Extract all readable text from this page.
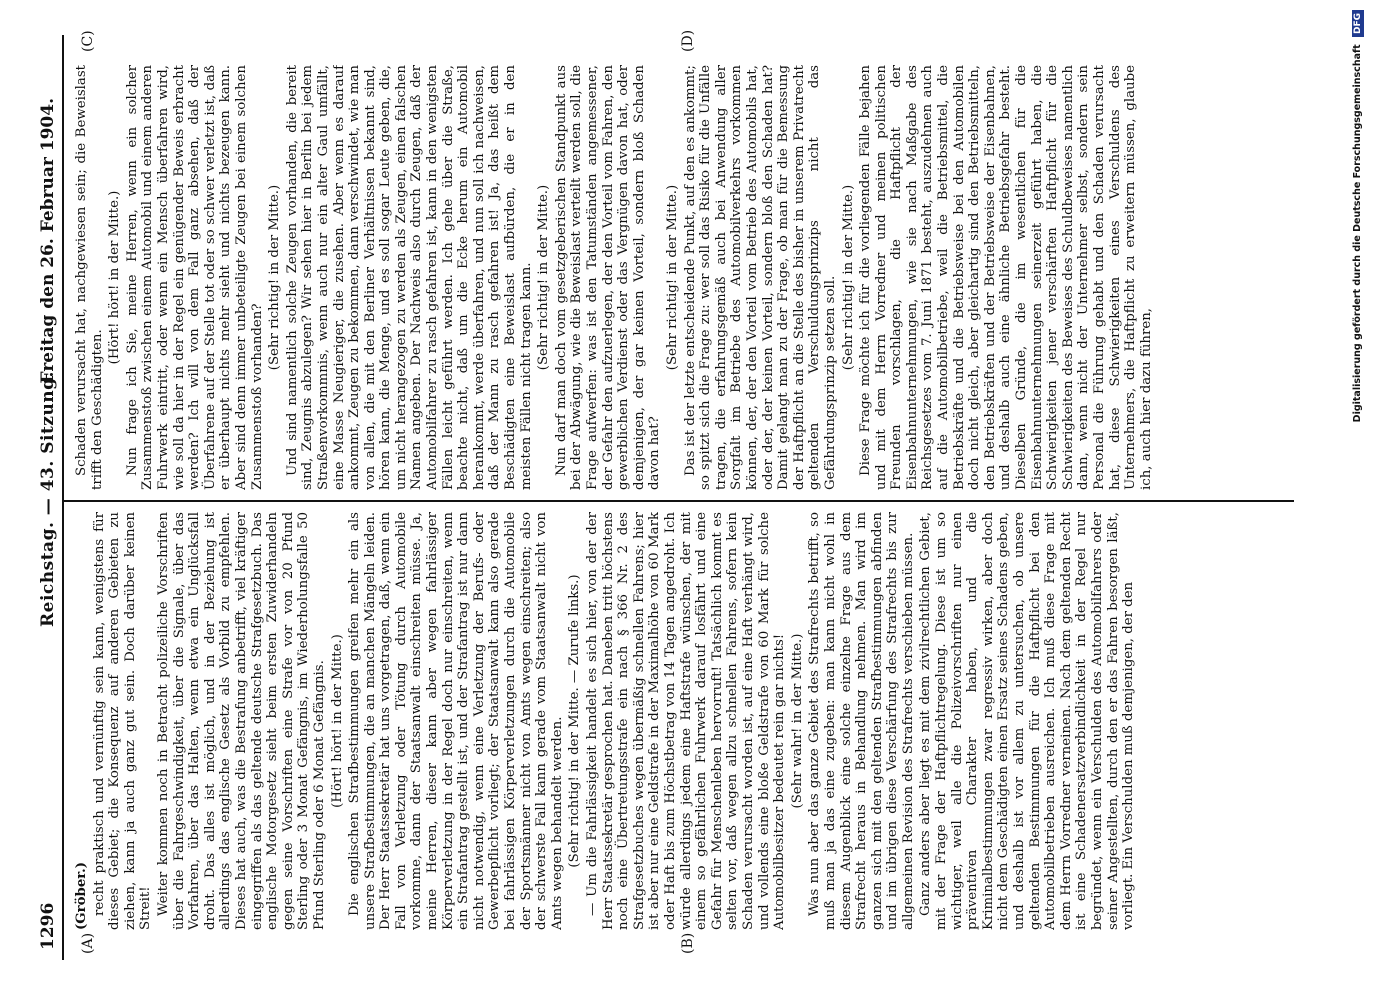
1296
Reichstag. — 43. Sitzung.
Freitag den 26. Februar 1904.
(A)	(B)
(C)	(D)

(Gröber.) recht praktisch und vernünftig sein kann, wenigstens für dieses Gebiet; die Konsequenz auf anderen Gebieten zu ziehen, kann ja auch ganz gut sein. Doch darüber keinen Streit! Weiter kommen noch in Betracht polizeiliche Vorschriften über die Fahrgeschwindigkeit, über die Signale, über das Vorfahren, über das Halten, wenn etwa ein Unglücksfall droht. Das alles ist möglich, und in der Beziehung ist allerdings das englische Gesetz als Vorbild zu empfehlen. Dieses hat auch, was die Bestrafung anbetrifft, viel kräftiger eingegriffen als das geltende deutsche Strafgesetzbuch. Das englische Motorgesetz sieht beim ersten Zuwiderhandeln gegen seine Vorschriften eine Strafe vor von 20 Pfund Sterling oder 3 Monat Gefängnis, im Wiederholungsfalle 50 Pfund Sterling oder 6 Monat Gefängnis. (Hört! hört! in der Mitte.) Die englischen Strafbestimmungen greifen mehr ein als unsere Strafbestimmungen, die an manchen Mängeln leiden. Der Herr Staatssekretär hat uns vorgetragen, daß, wenn ein Fall von Verletzung oder Tötung durch Automobile vorkomme, dann der Staatsanwalt einschreiten müsse. Ja, meine Herren, dieser kann aber wegen fahrlässiger Körperverletzung in der Regel doch nur einschreiten, wenn ein Strafantrag gestellt ist, und der Strafantrag ist nur dann nicht notwendig, wenn eine Verletzung der Berufs- oder Gewerbepflicht vorliegt; der Staatsanwalt kann also gerade bei fahrlässigen Körperverletzungen durch die Automobile der Sportsmänner nicht von Amts wegen einschreiten; also der schwerste Fall kann gerade vom Staatsanwalt nicht von Amts wegen behandelt werden. (Sehr richtig! in der Mitte. — Zurufe links.) — Um die Fahrlässigkeit handelt es sich hier, von der der Herr Staatssekretär gesprochen hat. Daneben tritt höchstens noch eine Übertretungsstrafe ein nach § 366 Nr. 2 des Strafgesetzbuches wegen übermäßig schnellen Fahrens; hier ist aber nur eine Geldstrafe in der Maximalhöhe von 60 Mark oder Haft bis zum Höchstbetrag von 14 Tagen angedroht. Ich würde allerdings jedem eine Haftstrafe wünschen, der mit einem so gefährlichen Fuhrwerk darauf losfährt und eine Gefahr für Menschenleben hervorruft! Tatsächlich kommt es selten vor, daß wegen allzu schnellen Fahrens, sofern kein Schaden verursacht worden ist, auf eine Haft verhängt wird, und vollends eine bloße Geldstrafe von 60 Mark für solche Automobilbesitzer bedeutet rein gar nichts! (Sehr wahr! in der Mitte.) Was nun aber das ganze Gebiet des Strafrechts betrifft, so muß man ja das eine zugeben: man kann nicht wohl in diesem Augenblick eine solche einzelne Frage aus dem Strafrecht heraus in Behandlung nehmen. Man wird im ganzen sich mit den geltenden Strafbestimmungen abfinden und im übrigen diese Verschärfung des Strafrechts bis zur allgemeinen Revision des Strafrechts verschieben müssen. Ganz anders aber liegt es mit dem zivilrechtlichen Gebiet, mit der Frage der Haftpflichtregelung. Diese ist um so wichtiger, weil alle die Polizeivorschriften nur einen präventiven Charakter haben, und die Kriminalbestimmungen zwar regressiv wirken, aber doch nicht dem Geschädigten einen Ersatz seines Schadens geben, und deshalb ist vor allem zu untersuchen, ob unsere geltenden Bestimmungen für die Haftpflicht bei den Automobilbetrieben ausreichen. Ich muß diese Frage mit dem Herrn Vorredner verneinen. Nach dem geltenden Recht ist eine Schadenersatzverbindlichkeit in der Regel nur begründet, wenn ein Verschulden des Automobilfahrers oder seiner Angestellten, durch den er das Fahren besorgen läßt, vorliegt. Ein Verschulden muß demjenigen, der den

Schaden verursacht hat, nachgewiesen sein; die Beweislast trifft den Geschädigten.

(Hört! hört! in der Mitte.) Nun frage ich Sie, meine Herren, wenn ein solcher Zusammenstoß zwischen einem Automobil und einem anderen Fuhrwerk eintritt, oder wenn ein Mensch überfahren wird, wie soll da hier in der Regel ein genügender Beweis erbracht werden? Ich will von dem Fall ganz absehen, daß der Überfahrene auf der Stelle tot oder so schwer verletzt ist, daß er überhaupt nichts mehr sieht und nichts bezeugen kann. Aber sind denn immer unbeteiligte Zeugen bei einem solchen Zusammenstoß vorhanden?

(Sehr richtig! in der Mitte.) Und sind namentlich solche Zeugen vorhanden, die bereit sind, Zeugnis abzulegen? Wir sehen hier in Berlin bei jedem Straßenvorkommnis, wenn auch nur ein alter Gaul umfällt, eine Masse Neugieriger, die zusehen. Aber wenn es darauf ankommt, Zeugen zu bekommen, dann verschwindet, wie man von allen, die mit den Berliner Verhältnissen bekannt sind, hören kann, die Menge, und es soll sogar Leute geben, die, um nicht herangezogen zu werden als Zeugen, einen falschen Namen angeben. Der Nachweis also durch Zeugen, daß der Automobilfahrer zu rasch gefahren ist, kann in den wenigsten Fällen leicht geführt werden. Ich gehe über die Straße, beachte nicht, daß um die Ecke herum ein Automobil herankommt, werde überfahren, und nun soll ich nachweisen, daß der Mann zu rasch gefahren ist! Ja, das heißt dem Beschädigten eine Beweislast aufbürden, die er in den meisten Fällen nicht tragen kann. (Sehr richtig! in der Mitte.) Nun darf man doch vom gesetzgeberischen Standpunkt aus bei der Abwägung, wie die Beweislast verteilt werden soll, die Frage aufwerfen: was ist den Tatumständen angemessener, der Gefahr den aufzuerlegen, der den Vorteil vom Fahren, den gewerblichen Verdienst oder das Vergnügen davon hat, oder demjenigen, der gar keinen Vorteil, sondern bloß Schaden davon hat?

(Sehr richtig! in der Mitte.) Das ist der letzte entscheidende Punkt, auf den es ankommt; so spitzt sich die Frage zu: wer soll das Risiko für die Unfälle tragen, die erfahrungsgemäß auch bei Anwendung aller Sorgfalt im Betriebe des Automobilverkehrs vorkommen können, der, der den Vorteil vom Betrieb des Automobils hat, oder der, der keinen Vorteil, sondern bloß den Schaden hat? Damit gelangt man zu der Frage, ob man für die Bemessung der Haftpflicht an die Stelle des bisher in unserem Privatrecht geltenden Verschuldungsprinzips nicht das Gefährdungsprinzip setzen soll. (Sehr richtig! in der Mitte.) Diese Frage möchte ich für die vorliegenden Fälle bejahen und mit dem Herrn Vorredner und meinen politischen Freunden vorschlagen, die Haftpflicht der Eisenbahnunternehmungen, wie sie nach Maßgabe des Reichsgesetzes vom 7. Juni 1871 besteht, auszudehnen auch auf die Automobilbetriebe, weil die Betriebsmittel, die Betriebskräfte und die Betriebsweise bei den Automobilen doch nicht gleich, aber gleichartig sind den Betriebsmitteln, den Betriebskräften und der Betriebsweise der Eisenbahnen, und deshalb auch eine ähnliche Betriebsgefahr besteht. Dieselben Gründe, die im wesentlichen für die Eisenbahnunternehmungen seinerzeit geführt haben, die Schwierigkeiten jener verschärften Haftpflicht für die Schwierigkeiten des Beweises des Schuldbeweises namentlich dann, wenn nicht der Unternehmer selbst, sondern sein Personal die Führung gehabt und den Schaden verursacht hat, diese Schwierigkeiten eines Verschuldens des Unternehmers, die Haftpflicht zu erweitern müssen, glaube ich, auch hier dazu führen,	Digitalisierung gefördert durch die Deutsche Forschungsgemeinschaft DFG
